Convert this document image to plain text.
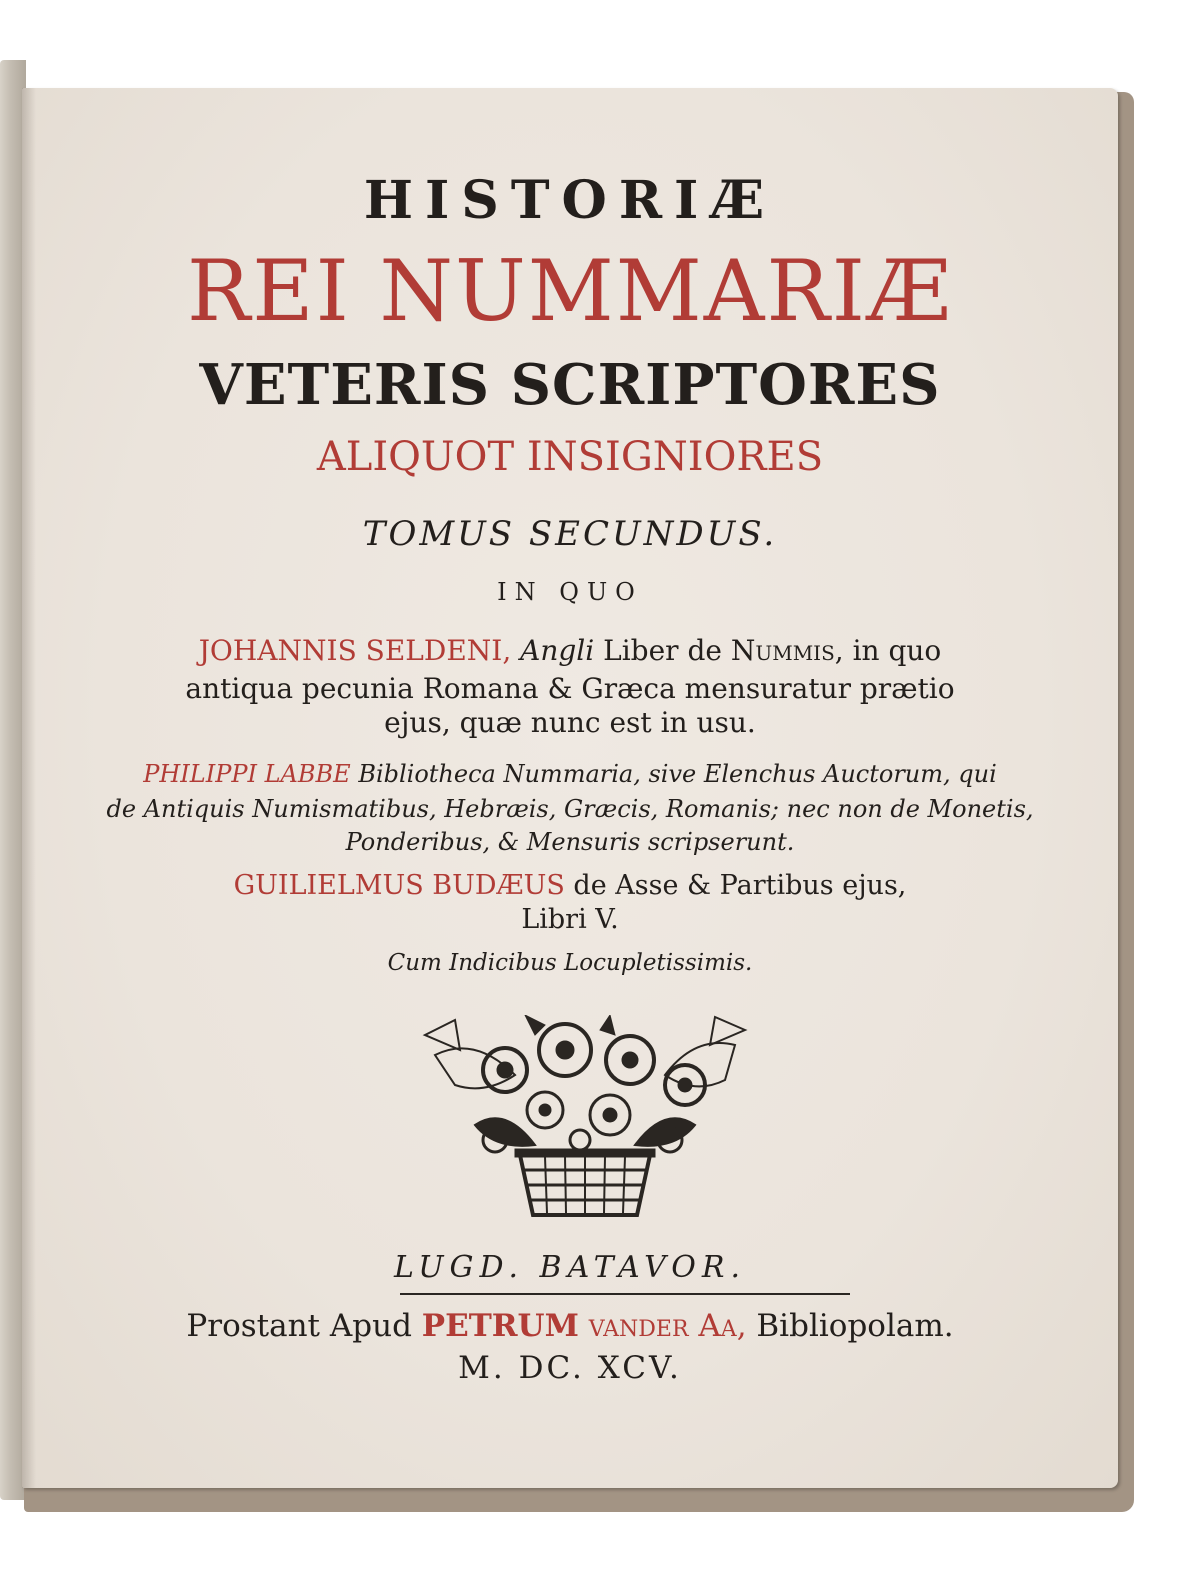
HISTORIÆ
REI NUMMARIÆ
VETERIS SCRIPTORES
ALIQUOT INSIGNIORES
TOMUS SECUNDUS.
IN QUO
JOHANNIS SELDENI, Angli Liber de Nummis, in quo
antiqua pecunia Romana & Græca mensuratur prætio
ejus, quæ nunc est in usu.
PHILIPPI LABBE Bibliotheca Nummaria, sive Elenchus Auctorum, qui
de Antiquis Numismatibus, Hebræis, Græcis, Romanis; nec non de Monetis,
Ponderibus, & Mensuris scripserunt.
GUILIELMUS BUDÆUS de Asse & Partibus ejus,
Libri V.
Cum Indicibus Locupletissimis.
LUGD. BATAVOR.
Prostant Apud PETRUM vander Aa, Bibliopolam.
M. DC. XCV.
